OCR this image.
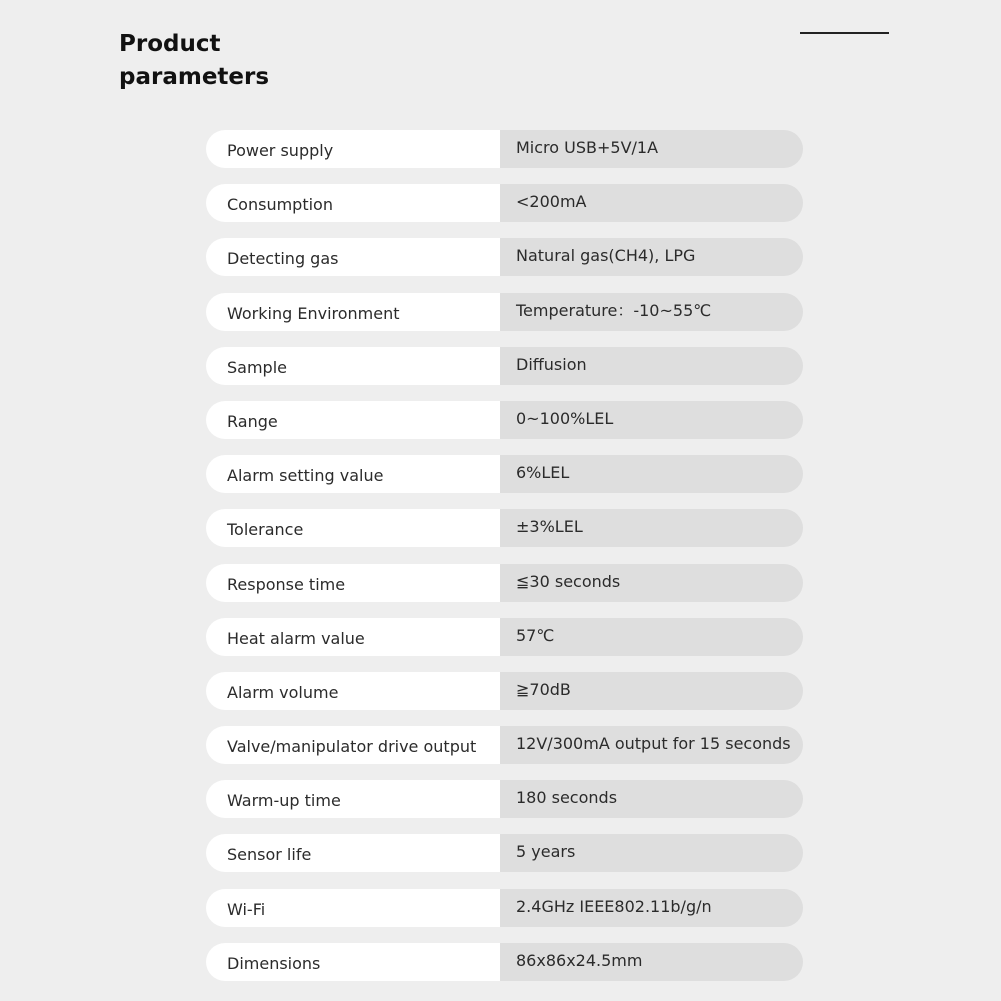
Product
parameters
Power supply	Micro USB+5V/1A
Consumption	<200mA
Detecting gas	Natural gas(CH4), LPG
Working Environment	Temperature：-10~55℃
Sample	Diffusion
Range	0~100%LEL
Alarm setting value	6%LEL
Tolerance	±3%LEL
Response time	≦30 seconds
Heat alarm value	57℃
Alarm volume	≧70dB
Valve/manipulator drive output	12V/300mA output for 15 seconds
Warm-up time	180 seconds
Sensor life	5 years
Wi-Fi	2.4GHz IEEE802.11b/g/n
Dimensions	86x86x24.5mm
